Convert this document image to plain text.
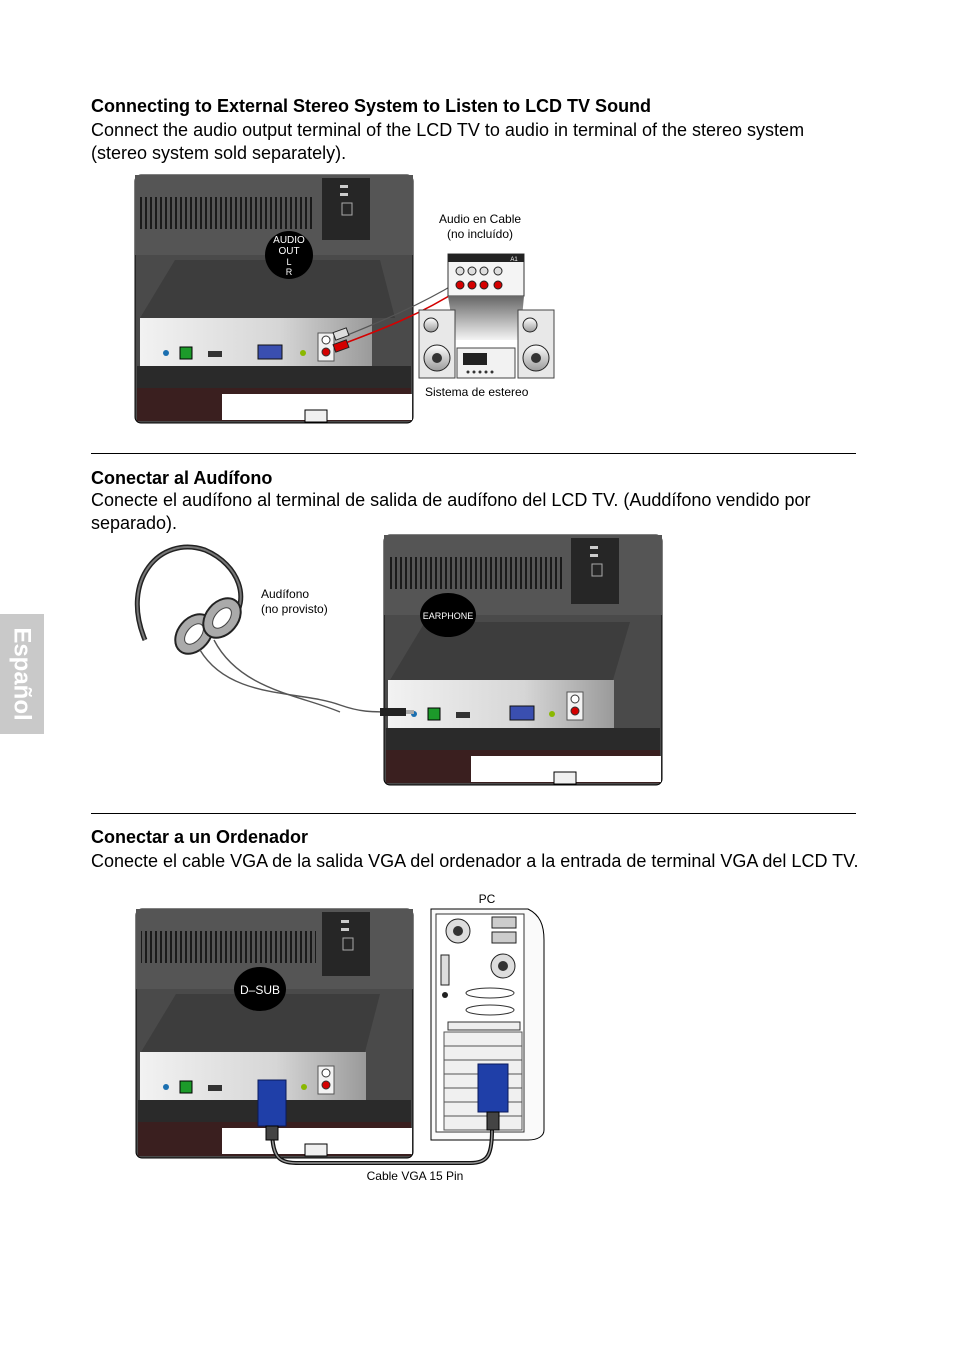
Español
Connecting to External Stereo System to Listen to LCD TV Sound
Connect the audio output terminal of the LCD TV to audio in terminal of the stereo system (stereo system sold separately).
AUDIO
OUT
L
R
A1
EARPHONE
D–SUB
Audio en Cable
(no incluído)
Sistema de estereo
Conectar al Audífono
Conecte el audífono al terminal de salida de audífono del LCD TV. (Auddífono vendido por separado).
Audífono
(no provisto)
Conectar a un Ordenador
Conecte el cable VGA de la salida VGA del ordenador a la entrada de terminal VGA del LCD TV.
PC
Cable VGA 15 Pin
